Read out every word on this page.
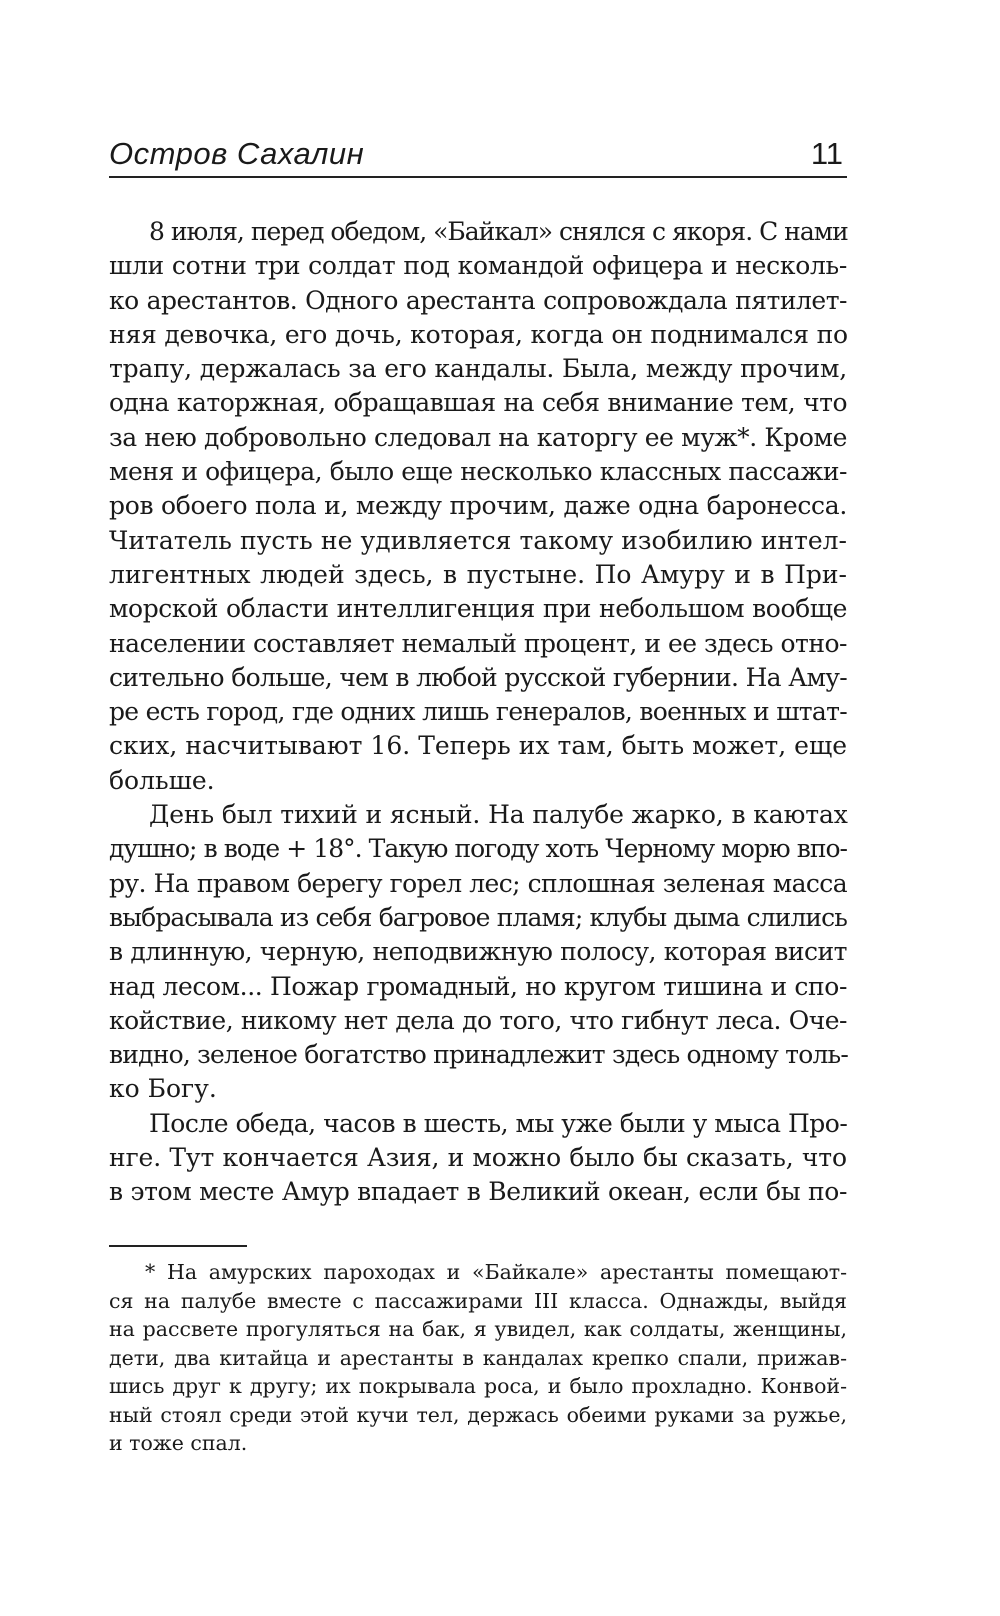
Остров Сахалин	11
8 июля, перед обедом, «Байкал» снялся с якоря. С нами
шли сотни три солдат под командой офицера и несколь-
ко арестантов. Одного арестанта сопровождала пятилет-
няя девочка, его дочь, которая, когда он поднимался по
трапу, держалась за его кандалы. Была, между прочим,
одна каторжная, обращавшая на себя внимание тем, что
за нею добровольно следовал на каторгу ее муж*. Кроме
меня и офицера, было еще несколько классных пассажи-
ров обоего пола и, между прочим, даже одна баронесса.
Читатель пусть не удивляется такому изобилию интел-
лигентных людей здесь, в пустыне. По Амуру и в При-
морской области интеллигенция при небольшом вообще
населении составляет немалый процент, и ее здесь отно-
сительно больше, чем в любой русской губернии. На Аму-
ре есть город, где одних лишь генералов, военных и штат-
ских, насчитывают 16. Теперь их там, быть может, еще
больше.
День был тихий и ясный. На палубе жарко, в каютах
душно; в воде + 18°. Такую погоду хоть Черному морю впо-
ру. На правом берегу горел лес; сплошная зеленая масса
выбрасывала из себя багровое пламя; клубы дыма слились
в длинную, черную, неподвижную полосу, которая висит
над лесом... Пожар громадный, но кругом тишина и спо-
койствие, никому нет дела до того, что гибнут леса. Оче-
видно, зеленое богатство принадлежит здесь одному толь-
ко Богу.
После обеда, часов в шесть, мы уже были у мыса Про-
нге. Тут кончается Азия, и можно было бы сказать, что
в этом месте Амур впадает в Великий океан, если бы по-
* На амурских пароходах и «Байкале» арестанты помещают-
ся на палубе вместе с пассажирами III класса. Однажды, выйдя
на рассвете прогуляться на бак, я увидел, как солдаты, женщины,
дети, два китайца и арестанты в кандалах крепко спали, прижав-
шись друг к другу; их покрывала роса, и было прохладно. Конвой-
ный стоял среди этой кучи тел, держась обеими руками за ружье,
и тоже спал.
